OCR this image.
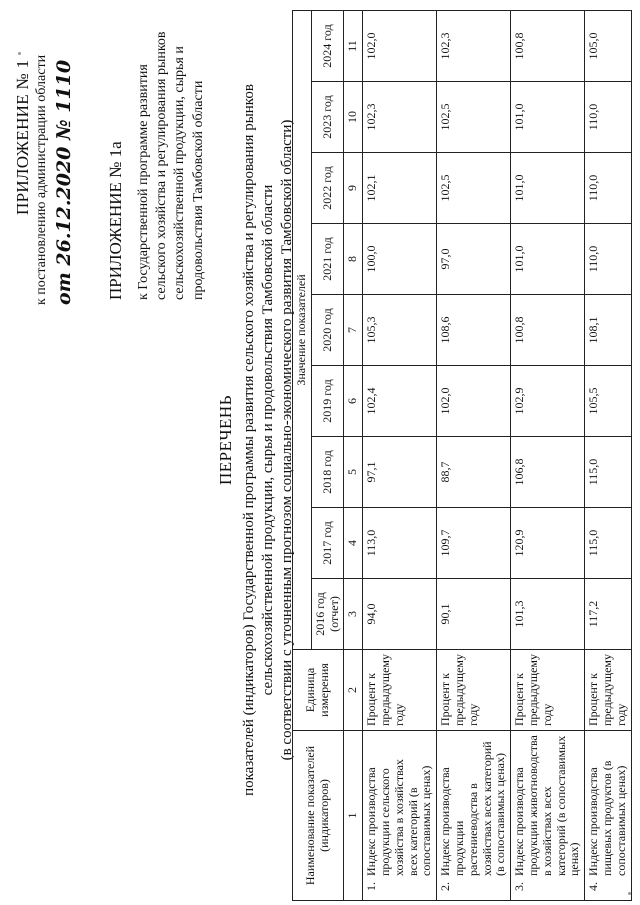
ПРИЛОЖЕНИЕ № 1 к постановлению администрации области от 26.12.2020 № 1110 ПРИЛОЖЕНИЕ № 1а к Государственной программе развития сельского хозяйства и регулирования рынков сельскохозяйственной продукции, сырья и продовольствия Тамбовской области
ПЕРЕЧЕНЬ показателей (индикаторов) Государственной программы развития сельского хозяйства и регулирования рынков сельскохозяйственной продукции, сырья и продовольствия Тамбовской области (в соответствии с уточненным прогнозом социально-экономического развития Тамбовской области)
Наименование показателей (индикаторов)		Единица измерения	Значение показателей								
			2016 год (отчет)	2017 год	2018 год	2019 год	2020 год	2021 год	2022 год	2023 год	2024 год
1		2	3	4	5	6	7	8	9	10	11
1.	Индекс производства продукции сельского хозяйства в хозяйствах всех категорий (в сопоставимых ценах)	Процент к предыдущему году	94,0	113,0	97,1	102,4	105,3	100,0	102,1	102,3	102,0
2.	Индекс производства продукции растениеводства в хозяйствах всех категорий (в сопоставимых ценах)	Процент к предыдущему году	90,1	109,7	88,7	102,0	108,6	97,0	102,5	102,5	102,3
3.	Индекс производства продукции животноводства в хозяйствах всех категорий (в сопоставимых ценах)	Процент к предыдущему году	101,3	120,9	106,8	102,9	100,8	101,0	101,0	101,0	100,8
4.	Индекс производства пищевых продуктов (в сопоставимых ценах)	Процент к предыдущему году	117,2	115,0	115,0	105,5	108,1	110,0	110,0	110,0	105,0
